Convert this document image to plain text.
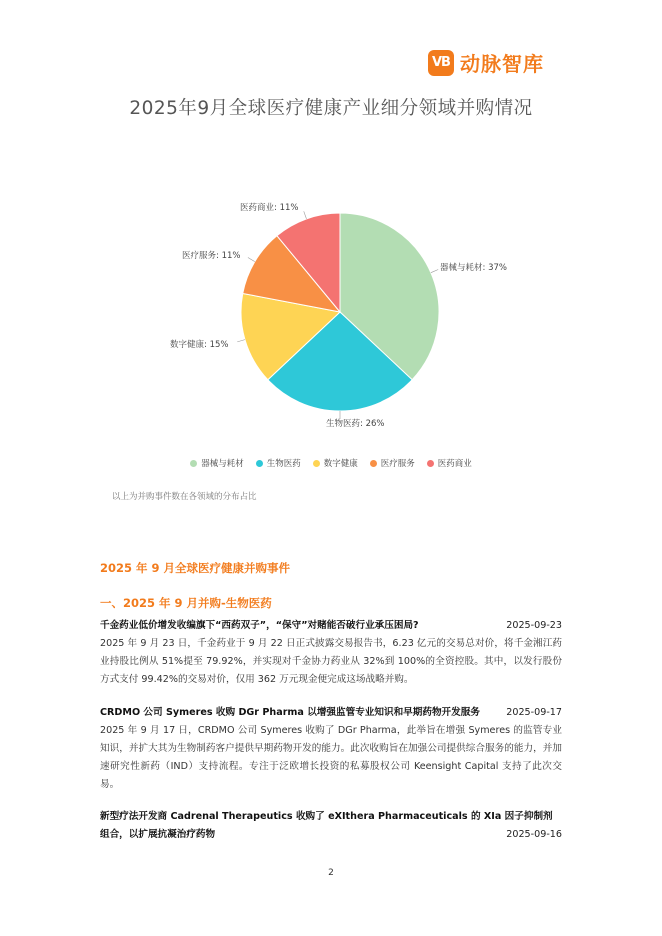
VB 动脉智库
2025年9月全球医疗健康产业细分领域并购情况
器械与耗材: 37%
生物医药: 26%
数字健康: 15%
医疗服务: 11%
医药商业: 11%
器械与耗材	生物医药	数字健康	医疗服务	医药商业
以上为并购事件数在各领域的分布占比
2025 年 9 月全球医疗健康并购事件
一、2025 年 9 月并购-生物医药
千金药业低价增发收编旗下“西药双子”，“保守”对赌能否破行业承压困局?	2025-09-23
2025 年 9 月 23 日，千金药业于 9 月 22 日正式披露交易报告书，6.23 亿元的交易总对价，将千金湘江药业持股比例从 51%提至 79.92%，并实现对千金协力药业从 32%到 100%的全资控股。其中，以发行股份方式支付 99.42%的交易对价，仅用 362 万元现金便完成这场战略并购。
CRDMO 公司 Symeres 收购 DGr Pharma 以增强监管专业知识和早期药物开发服务	2025-09-17
2025 年 9 月 17 日，CRDMO 公司 Symeres 收购了 DGr Pharma，此举旨在增强 Symeres 的监管专业知识，并扩大其为生物制药客户提供早期药物开发的能力。此次收购旨在加强公司提供综合服务的能力，并加速研究性新药（IND）支持流程。专注于泛欧增长投资的私募股权公司 Keensight Capital 支持了此次交易。
新型疗法开发商 Cadrenal Therapeutics 收购了 eXIthera Pharmaceuticals 的 XIa 因子抑制剂组合，以扩展抗凝治疗药物	2025-09-16
2
